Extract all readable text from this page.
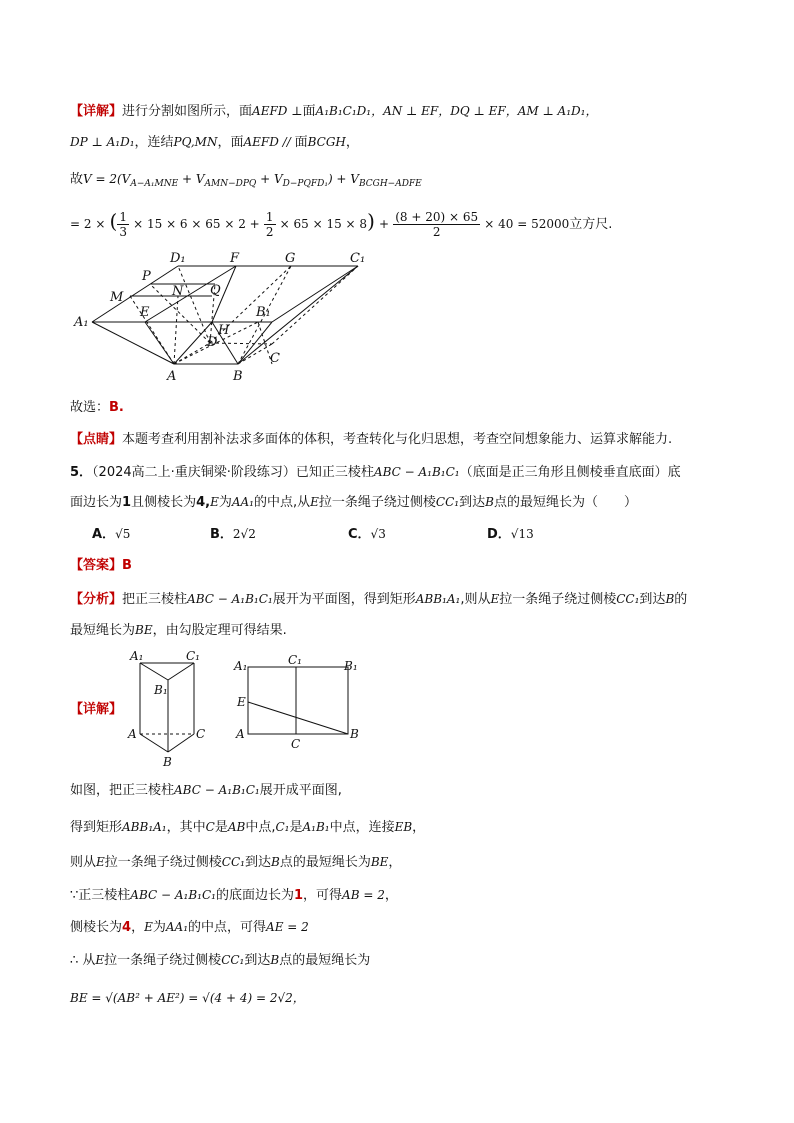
【详解】进行分割如图所示，面AEFD ⊥面A₁B₁C₁D₁，AN ⊥ EF，DQ ⊥ EF，AM ⊥ A₁D₁，
DP ⊥ A₁D₁，连结PQ,MN，面AEFD // 面BCGH，
故$V = 2(V_{A-A_1MNE} + V_{AMN-DPQ} + V_{D-PQFD_1}) + V_{BCGH-ADFE}$
= 2 × ( $\frac{1}{3} \times 15 \times 6 \times 65 \times 2 + \frac{1}{2} \times 65 \times 15 \times 8) + \frac{(8 + 20) \times 65}{2} \times 40 = 52000$立方尺.
D₁	F	G	C₁
P
Q
M	N
E	B₁
A₁
H
D
C
A	B
故选：B.
【点睛】本题考查利用割补法求多面体的体积，考查转化与化归思想，考查空间想象能力、运算求解能力.
5．（2024高二上·重庆铜梁·阶段练习）已知正三棱柱ABC − A₁B₁C₁（底面是正三角形且侧棱垂直底面）底
面边长为1且侧棱长为4,E为AA₁的中点,从E拉一条绳子绕过侧棱CC₁到达B点的最短绳长为（　　）
A．√5	B．2√2	C．√3	D．√13
【答案】B
【分析】把正三棱柱ABC − A₁B₁C₁展开为平面图，得到矩形ABB₁A₁,则从E拉一条绳子绕过侧棱CC₁到达B的
最短绳长为BE，由勾股定理可得结果.
【详解】
A₁	C₁
B₁
A	C
B
A₁	C₁	B₁
E
A
C
B
如图，把正三棱柱ABC − A₁B₁C₁展开成平面图,
得到矩形ABB₁A₁，其中C是AB中点,C₁是A₁B₁中点，连接EB，
则从E拉一条绳子绕过侧棱CC₁到达B点的最短绳长为BE，
∵正三棱柱ABC − A₁B₁C₁的底面边长为1，可得AB = 2，
侧棱长为4，E为AA₁的中点，可得AE = 2
∴ 从E拉一条绳子绕过侧棱CC₁到达B点的最短绳长为
BE = √(AB² + AE²) = √(4 + 4) = 2√2，
